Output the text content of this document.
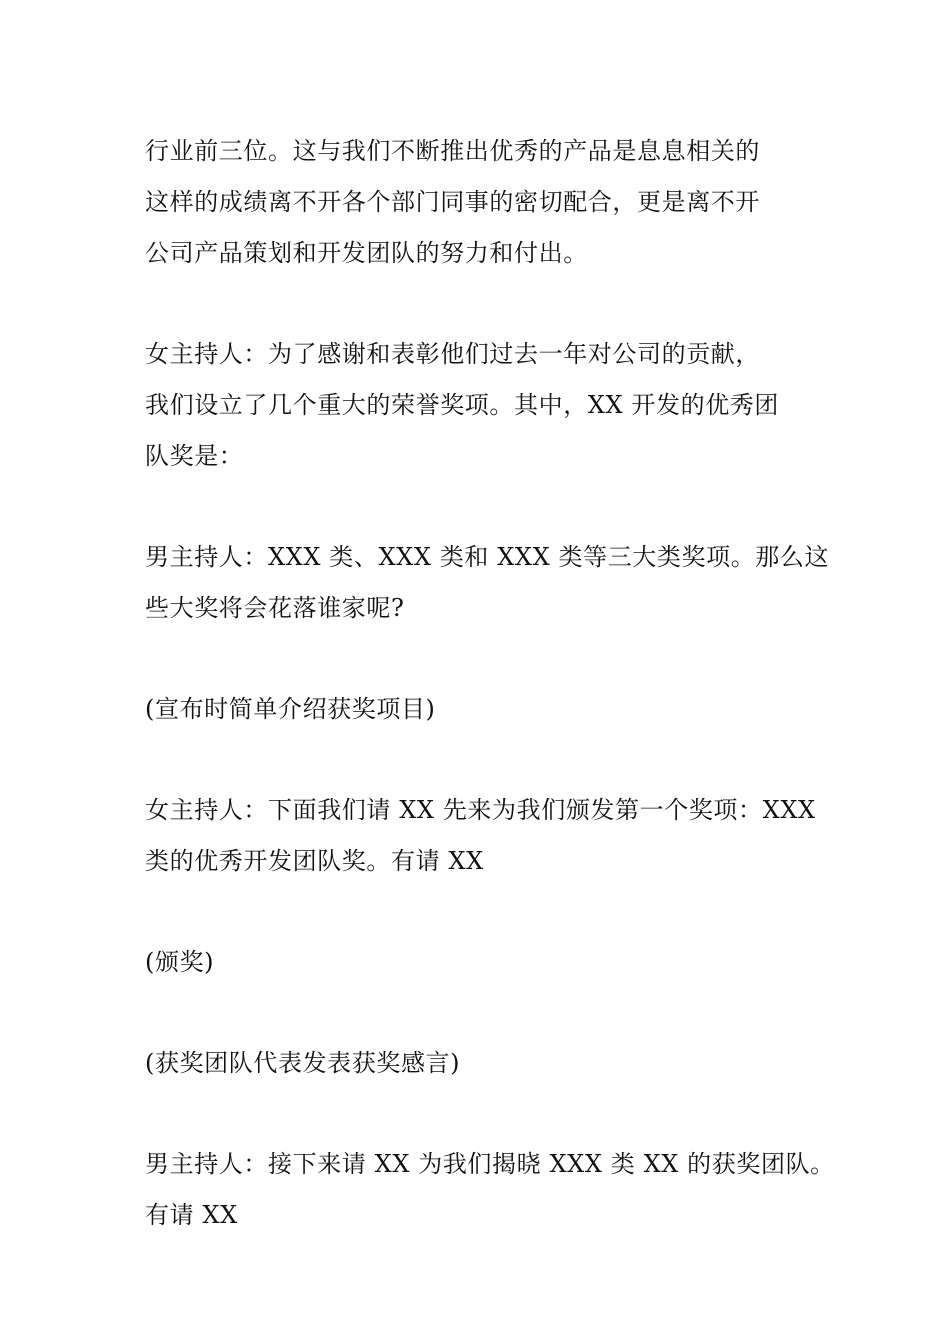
行业前三位。这与我们不断推出优秀的产品是息息相关的
这样的成绩离不开各个部门同事的密切配合，更是离不开
公司产品策划和开发团队的努力和付出。
女主持人：为了感谢和表彰他们过去一年对公司的贡献，
我们设立了几个重大的荣誉奖项。其中，XX 开发的优秀团
队奖是：
男主持人：XXX 类、XXX 类和 XXX 类等三大类奖项。那么这
些大奖将会花落谁家呢?
(宣布时简单介绍获奖项目)
女主持人：下面我们请 XX 先来为我们颁发第一个奖项：XXX
类的优秀开发团队奖。有请 XX
(颁奖)
(获奖团队代表发表获奖感言)
男主持人：接下来请 XX 为我们揭晓 XXX 类 XX 的获奖团队。
有请 XX
